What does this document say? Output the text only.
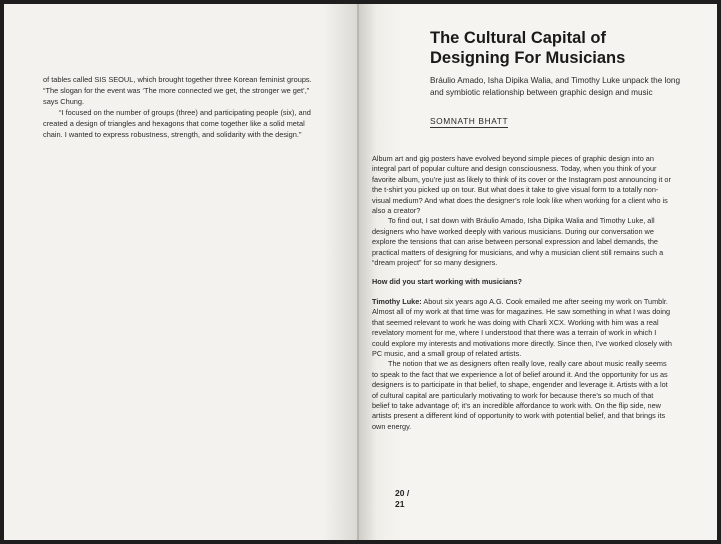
of tables called SIS SEOUL, which brought together three Korean feminist groups. “The slogan for the event was ‘The more connected we get, the stronger we get’,” says Chung.

“I focused on the number of groups (three) and participating people (six), and created a design of triangles and hexagons that come together like a solid metal chain. I wanted to express robustness, strength, and solidarity with the design.”

The Cultural Capital of Designing For Musicians

Bráulio Amado, Isha Dipika Walia, and Timothy Luke unpack the long and symbiotic relationship between graphic design and music

SOMNATH BHATT

Album art and gig posters have evolved beyond simple pieces of graphic design into an integral part of popular culture and design consciousness. Today, when you think of your favorite album, you’re just as likely to think of its cover or the Instagram post announcing it or the t-shirt you picked up on tour. But what does it take to give visual form to a totally non-visual medium? And what does the designer’s role look like when working for a client who is also a creator?

To find out, I sat down with Bráulio Amado, Isha Dipika Walia and Timothy Luke, all designers who have worked deeply with various musicians. During our conversation we explore the tensions that can arise between personal expression and label demands, the practical matters of designing for musicians, and why a musician client still remains such a “dream project” for so many designers.

How did you start working with musicians?

Timothy Luke: About six years ago A.G. Cook emailed me after seeing my work on Tumblr. Almost all of my work at that time was for magazines. He saw something in what I was doing that seemed relevant to work he was doing with Charli XCX. Working with him was a real revelatory moment for me, where I understood that there was a terrain of work in which I could explore my interests and motivations more directly. Since then, I’ve worked closely with PC music, and a small group of related artists.

The notion that we as designers often really love, really care about music really seems to speak to the fact that we experience a lot of belief around it. And the opportunity for us as designers is to participate in that belief, to shape, engender and leverage it. Artists with a lot of cultural capital are particularly motivating to work for because there’s so much of that belief to take advantage of; it’s an incredible affordance to work with. On the flip side, new artists present a different kind of opportunity to work with potential belief, and that brings its own energy.

20 /
21
